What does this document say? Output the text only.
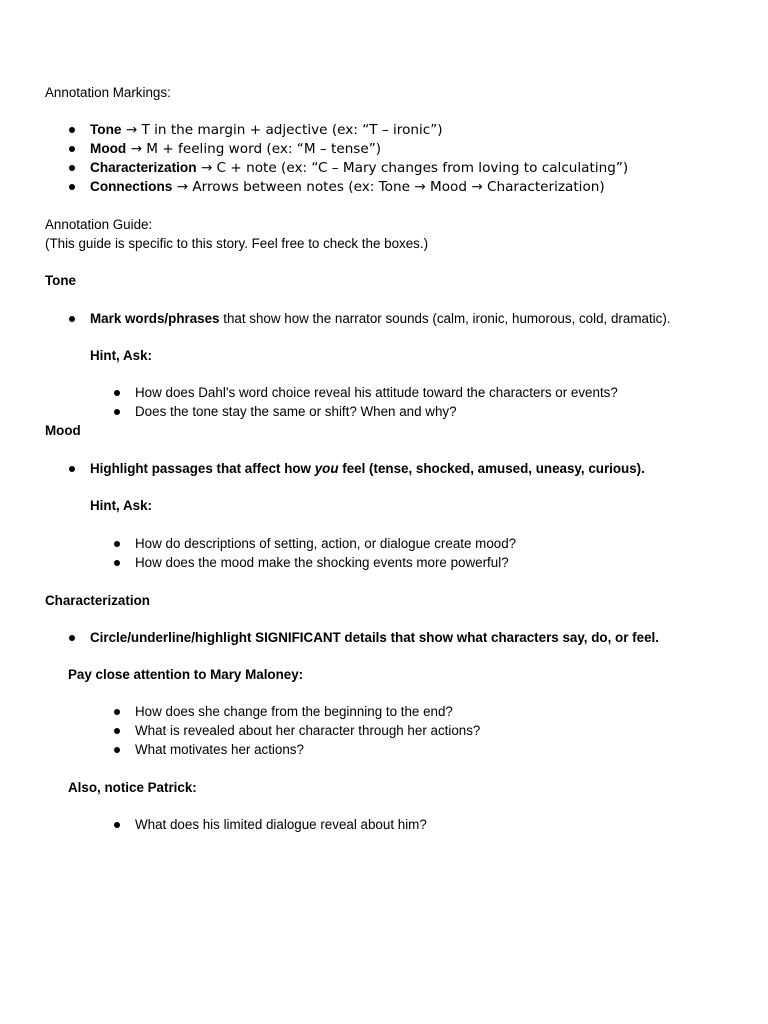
Annotation Markings:
Tone → T in the margin + adjective (ex: “T – ironic”)
Mood → M + feeling word (ex: “M – tense”)
Characterization → C + note (ex: “C – Mary changes from loving to calculating”)
Connections → Arrows between notes (ex: Tone → Mood → Characterization)
Annotation Guide:
(This guide is specific to this story. Feel free to check the boxes.)
Tone
Mark words/phrases that show how the narrator sounds (calm, ironic, humorous, cold, dramatic).
Hint, Ask:
How does Dahl’s word choice reveal his attitude toward the characters or events?
Does the tone stay the same or shift? When and why?
Mood
Highlight passages that affect how you feel (tense, shocked, amused, uneasy, curious).
Hint, Ask:
How do descriptions of setting, action, or dialogue create mood?
How does the mood make the shocking events more powerful?
Characterization
Circle/underline/highlight SIGNIFICANT details that show what characters say, do, or feel.
Pay close attention to Mary Maloney:
How does she change from the beginning to the end?
What is revealed about her character through her actions?
What motivates her actions?
Also, notice Patrick:
What does his limited dialogue reveal about him?
